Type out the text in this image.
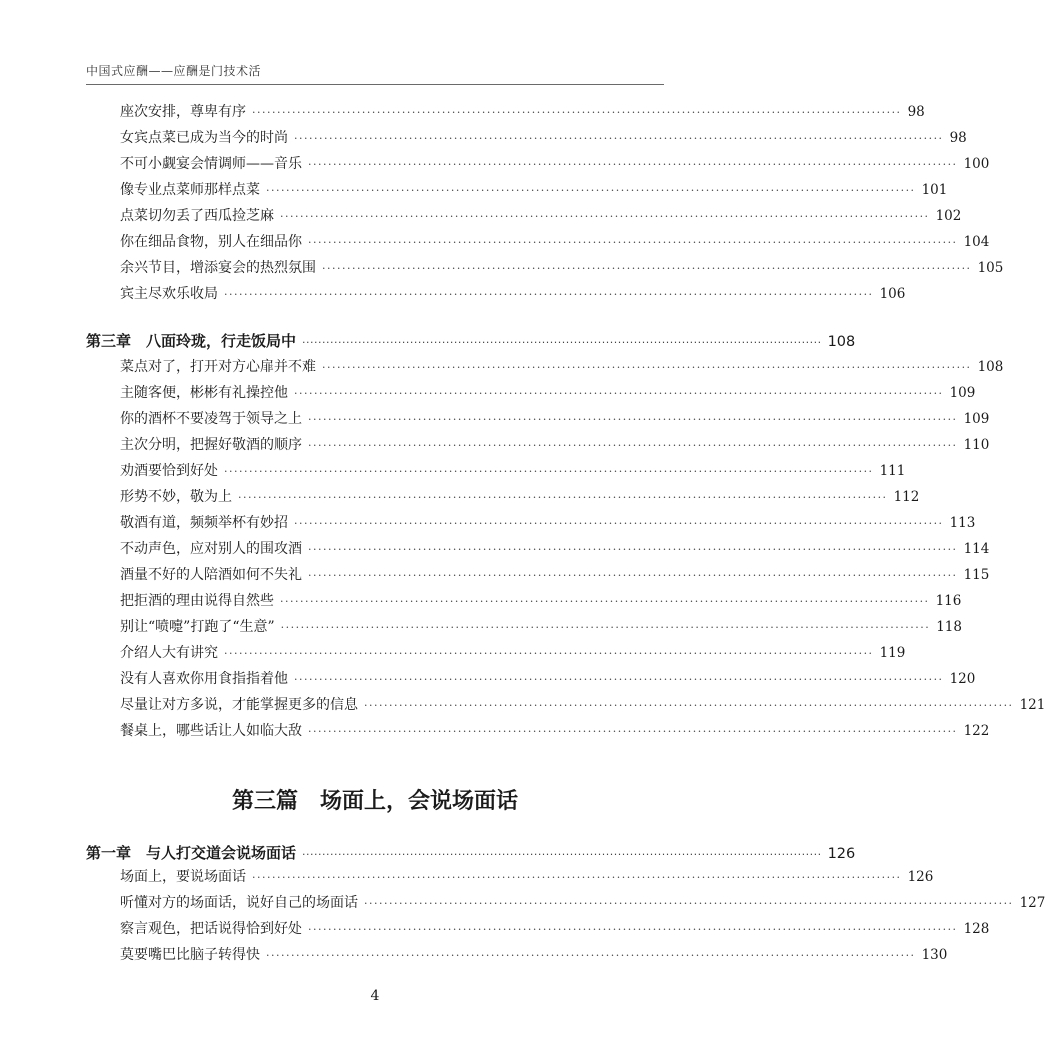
中国式应酬——应酬是门技术活
座次安排，尊卑有序 ·································································································································· 98
女宾点菜已成为当今的时尚 ·································································································································· 98
不可小觑宴会情调师——音乐 ·································································································································· 100
像专业点菜师那样点菜 ·································································································································· 101
点菜切勿丢了西瓜捡芝麻 ·································································································································· 102
你在细品食物，别人在细品你 ·································································································································· 104
余兴节目，增添宴会的热烈氛围 ·································································································································· 105
宾主尽欢乐收局 ·································································································································· 106
第三章　八面玲珑，行走饭局中 ·································································································································· 108
菜点对了，打开对方心扉并不难 ·································································································································· 108
主随客便，彬彬有礼操控他 ·································································································································· 109
你的酒杯不要凌驾于领导之上 ·································································································································· 109
主次分明，把握好敬酒的顺序 ·································································································································· 110
劝酒要恰到好处 ·································································································································· 111
形势不妙，敬为上 ·································································································································· 112
敬酒有道，频频举杯有妙招 ·································································································································· 113
不动声色，应对别人的围攻酒 ·································································································································· 114
酒量不好的人陪酒如何不失礼 ·································································································································· 115
把拒酒的理由说得自然些 ·································································································································· 116
别让“喷嚏”打跑了“生意” ·································································································································· 118
介绍人大有讲究 ·································································································································· 119
没有人喜欢你用食指指着他 ·································································································································· 120
尽量让对方多说，才能掌握更多的信息 ·································································································································· 121
餐桌上，哪些话让人如临大敌 ·································································································································· 122
第一章　与人打交道会说场面话 ·································································································································· 126
场面上，要说场面话 ·································································································································· 126
听懂对方的场面话，说好自己的场面话 ·································································································································· 127
察言观色，把话说得恰到好处 ·································································································································· 128
莫要嘴巴比脑子转得快 ·································································································································· 130
第三篇　场面上，会说场面话
4
